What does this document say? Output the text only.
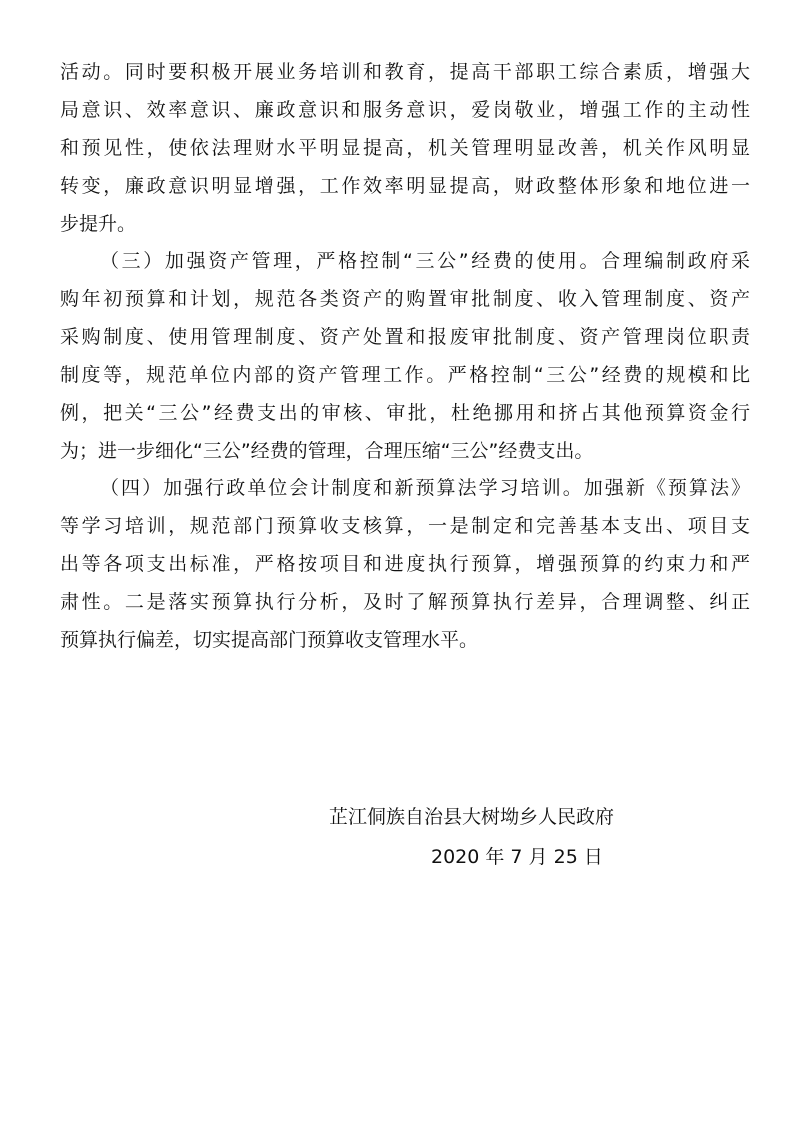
活动。同时要积极开展业务培训和教育，提高干部职工综合素质，增强大
局意识、效率意识、廉政意识和服务意识，爱岗敬业，增强工作的主动性
和预见性，使依法理财水平明显提高，机关管理明显改善，机关作风明显
转变，廉政意识明显增强，工作效率明显提高，财政整体形象和地位进一
步提升。
（三）加强资产管理，严格控制“三公”经费的使用。合理编制政府采
购年初预算和计划，规范各类资产的购置审批制度、收入管理制度、资产
采购制度、使用管理制度、资产处置和报废审批制度、资产管理岗位职责
制度等，规范单位内部的资产管理工作。严格控制“三公”经费的规模和比
例，把关“三公”经费支出的审核、审批，杜绝挪用和挤占其他预算资金行
为；进一步细化“三公”经费的管理，合理压缩“三公”经费支出。
（四）加强行政单位会计制度和新预算法学习培训。加强新《预算法》
等学习培训，规范部门预算收支核算，一是制定和完善基本支出、项目支
出等各项支出标准，严格按项目和进度执行预算，增强预算的约束力和严
肃性。二是落实预算执行分析，及时了解预算执行差异，合理调整、纠正
预算执行偏差，切实提高部门预算收支管理水平。
芷江侗族自治县大树坳乡人民政府
2020 年 7 月 25 日
